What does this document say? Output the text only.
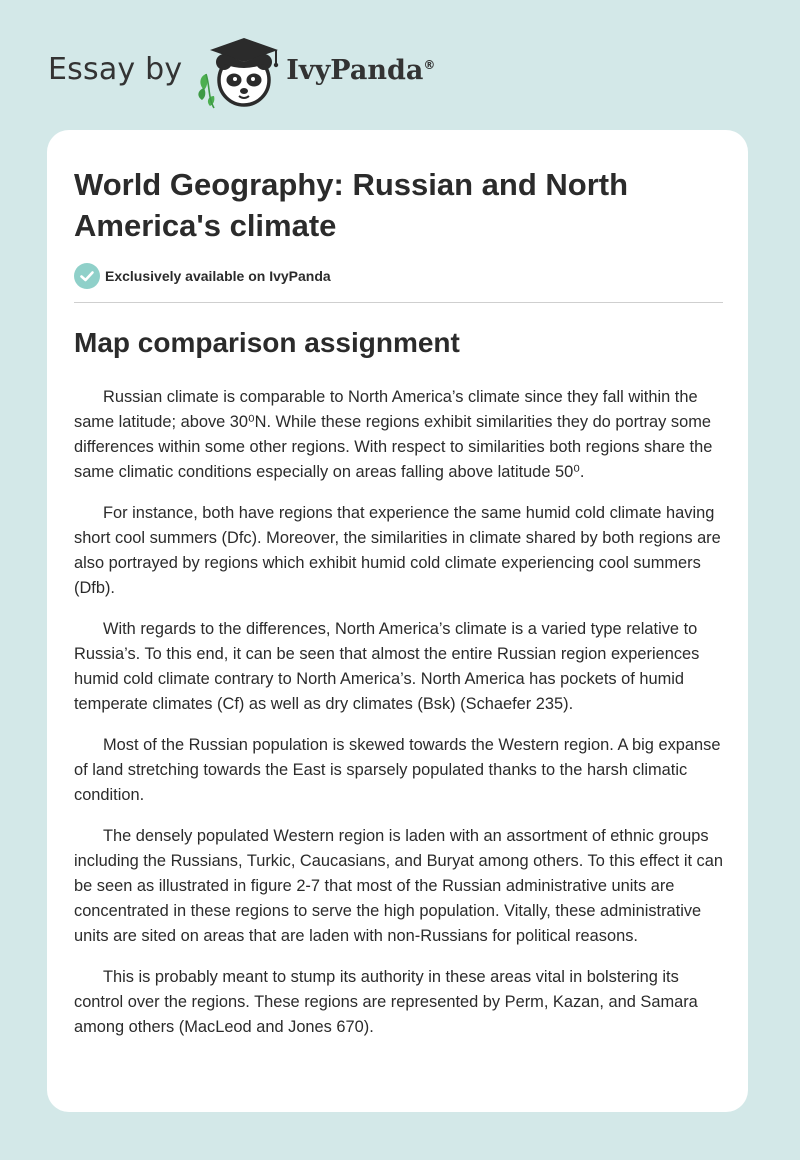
Essay by	IvyPanda®
World Geography: Russian and North America's climate
Exclusively available on IvyPanda
Map comparison assignment

Russian climate is comparable to North America’s climate since they fall within the same latitude; above 30⁰N. While these regions exhibit similarities they do portray some differences within some other regions. With respect to similarities both regions share the same climatic conditions especially on areas falling above latitude 50⁰.

For instance, both have regions that experience the same humid cold climate having short cool summers (Dfc). Moreover, the similarities in climate shared by both regions are also portrayed by regions which exhibit humid cold climate experiencing cool summers (Dfb).

With regards to the differences, North America’s climate is a varied type relative to Russia’s. To this end, it can be seen that almost the entire Russian region experiences humid cold climate contrary to North America’s. North America has pockets of humid temperate climates (Cf) as well as dry climates (Bsk) (Schaefer 235).

Most of the Russian population is skewed towards the Western region. A big expanse of land stretching towards the East is sparsely populated thanks to the harsh climatic condition.

The densely populated Western region is laden with an assortment of ethnic groups including the Russians, Turkic, Caucasians, and Buryat among others. To this effect it can be seen as illustrated in figure 2-7 that most of the Russian administrative units are concentrated in these regions to serve the high population. Vitally, these administrative units are sited on areas that are laden with non-Russians for political reasons.

This is probably meant to stump its authority in these areas vital in bolstering its control over the regions. These regions are represented by Perm, Kazan, and Samara among others (MacLeod and Jones 670).
